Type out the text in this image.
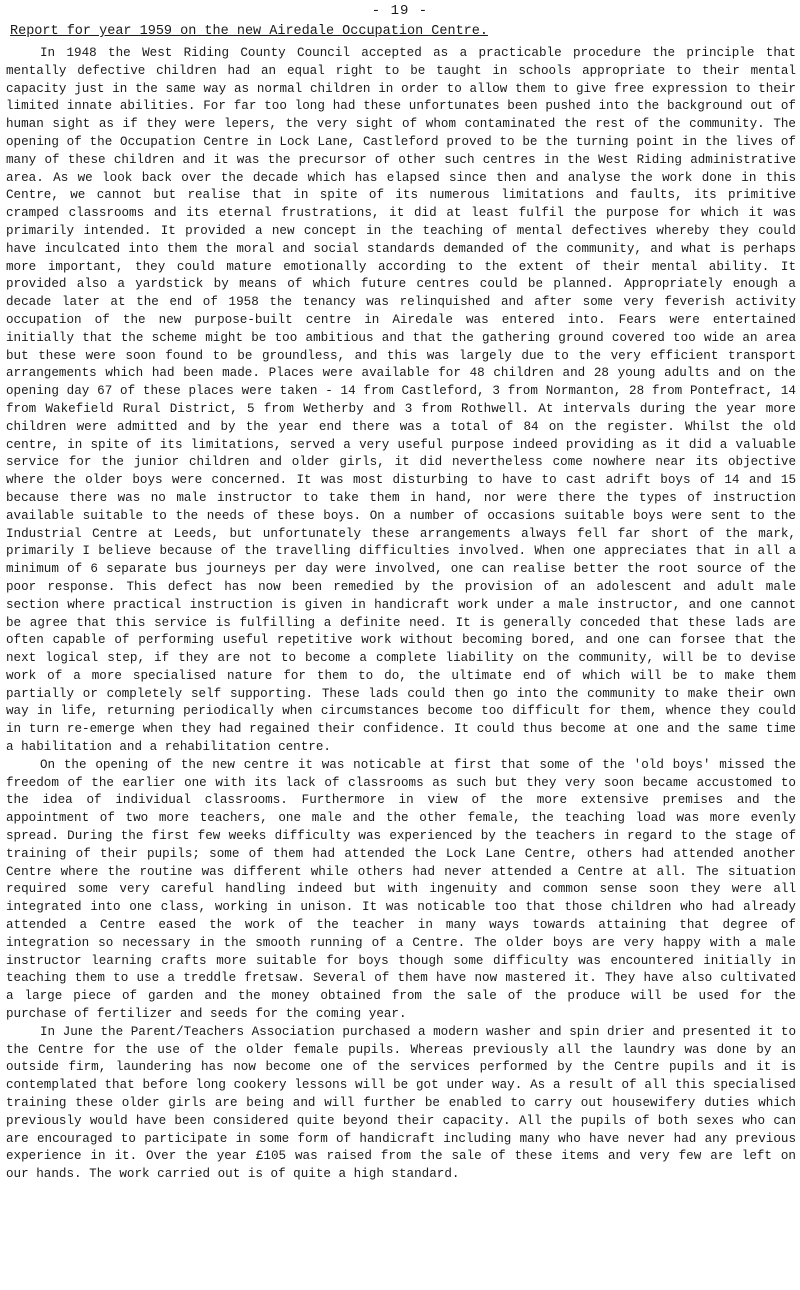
- 19 -
Report for year 1959 on the new Airedale Occupation Centre.

In 1948 the West Riding County Council accepted as a practicable procedure the principle that mentally defective children had an equal right to be taught in schools appropriate to their mental capacity just in the same way as normal children in order to allow them to give free expression to their limited innate abilities. For far too long had these unfortunates been pushed into the background out of human sight as if they were lepers, the very sight of whom contaminated the rest of the community. The opening of the Occupation Centre in Lock Lane, Castleford proved to be the turning point in the lives of many of these children and it was the precursor of other such centres in the West Riding administrative area. As we look back over the decade which has elapsed since then and analyse the work done in this Centre, we cannot but realise that in spite of its numerous limitations and faults, its primitive cramped classrooms and its eternal frustrations, it did at least fulfil the purpose for which it was primarily intended. It provided a new concept in the teaching of mental defectives whereby they could have inculcated into them the moral and social standards demanded of the community, and what is perhaps more important, they could mature emotionally according to the extent of their mental ability. It provided also a yardstick by means of which future centres could be planned. Appropriately enough a decade later at the end of 1958 the tenancy was relinquished and after some very feverish activity occupation of the new purpose-built centre in Airedale was entered into. Fears were entertained initially that the scheme might be too ambitious and that the gathering ground covered too wide an area but these were soon found to be groundless, and this was largely due to the very efficient transport arrangements which had been made. Places were available for 48 children and 28 young adults and on the opening day 67 of these places were taken - 14 from Castleford, 3 from Normanton, 28 from Pontefract, 14 from Wakefield Rural District, 5 from Wetherby and 3 from Rothwell. At intervals during the year more children were admitted and by the year end there was a total of 84 on the register. Whilst the old centre, in spite of its limitations, served a very useful purpose indeed providing as it did a valuable service for the junior children and older girls, it did nevertheless come nowhere near its objective where the older boys were concerned. It was most disturbing to have to cast adrift boys of 14 and 15 because there was no male instructor to take them in hand, nor were there the types of instruction available suitable to the needs of these boys. On a number of occasions suitable boys were sent to the Industrial Centre at Leeds, but unfortunately these arrangements always fell far short of the mark, primarily I believe because of the travelling difficulties involved. When one appreciates that in all a minimum of 6 separate bus journeys per day were involved, one can realise better the root source of the poor response. This defect has now been remedied by the provision of an adolescent and adult male section where practical instruction is given in handicraft work under a male instructor, and one cannot be agree that this service is fulfilling a definite need. It is generally conceded that these lads are often capable of performing useful repetitive work without becoming bored, and one can forsee that the next logical step, if they are not to become a complete liability on the community, will be to devise work of a more specialised nature for them to do, the ultimate end of which will be to make them partially or completely self supporting. These lads could then go into the community to make their own way in life, returning periodically when circumstances become too difficult for them, whence they could in turn re-emerge when they had regained their confidence. It could thus become at one and the same time a habilitation and a rehabilitation centre.

On the opening of the new centre it was noticable at first that some of the 'old boys' missed the freedom of the earlier one with its lack of classrooms as such but they very soon became accustomed to the idea of individual classrooms. Furthermore in view of the more extensive premises and the appointment of two more teachers, one male and the other female, the teaching load was more evenly spread. During the first few weeks difficulty was experienced by the teachers in regard to the stage of training of their pupils; some of them had attended the Lock Lane Centre, others had attended another Centre where the routine was different while others had never attended a Centre at all. The situation required some very careful handling indeed but with ingenuity and common sense soon they were all integrated into one class, working in unison. It was noticable too that those children who had already attended a Centre eased the work of the teacher in many ways towards attaining that degree of integration so necessary in the smooth running of a Centre. The older boys are very happy with a male instructor learning crafts more suitable for boys though some difficulty was encountered initially in teaching them to use a treddle fretsaw. Several of them have now mastered it. They have also cultivated a large piece of garden and the money obtained from the sale of the produce will be used for the purchase of fertilizer and seeds for the coming year.

In June the Parent/Teachers Association purchased a modern washer and spin drier and presented it to the Centre for the use of the older female pupils. Whereas previously all the laundry was done by an outside firm, laundering has now become one of the services performed by the Centre pupils and it is contemplated that before long cookery lessons will be got under way. As a result of all this specialised training these older girls are being and will further be enabled to carry out housewifery duties which previously would have been considered quite beyond their capacity. All the pupils of both sexes who can are encouraged to participate in some form of handicraft including many who have never had any previous experience in it. Over the year £105 was raised from the sale of these items and very few are left on our hands. The work carried out is of quite a high standard.
